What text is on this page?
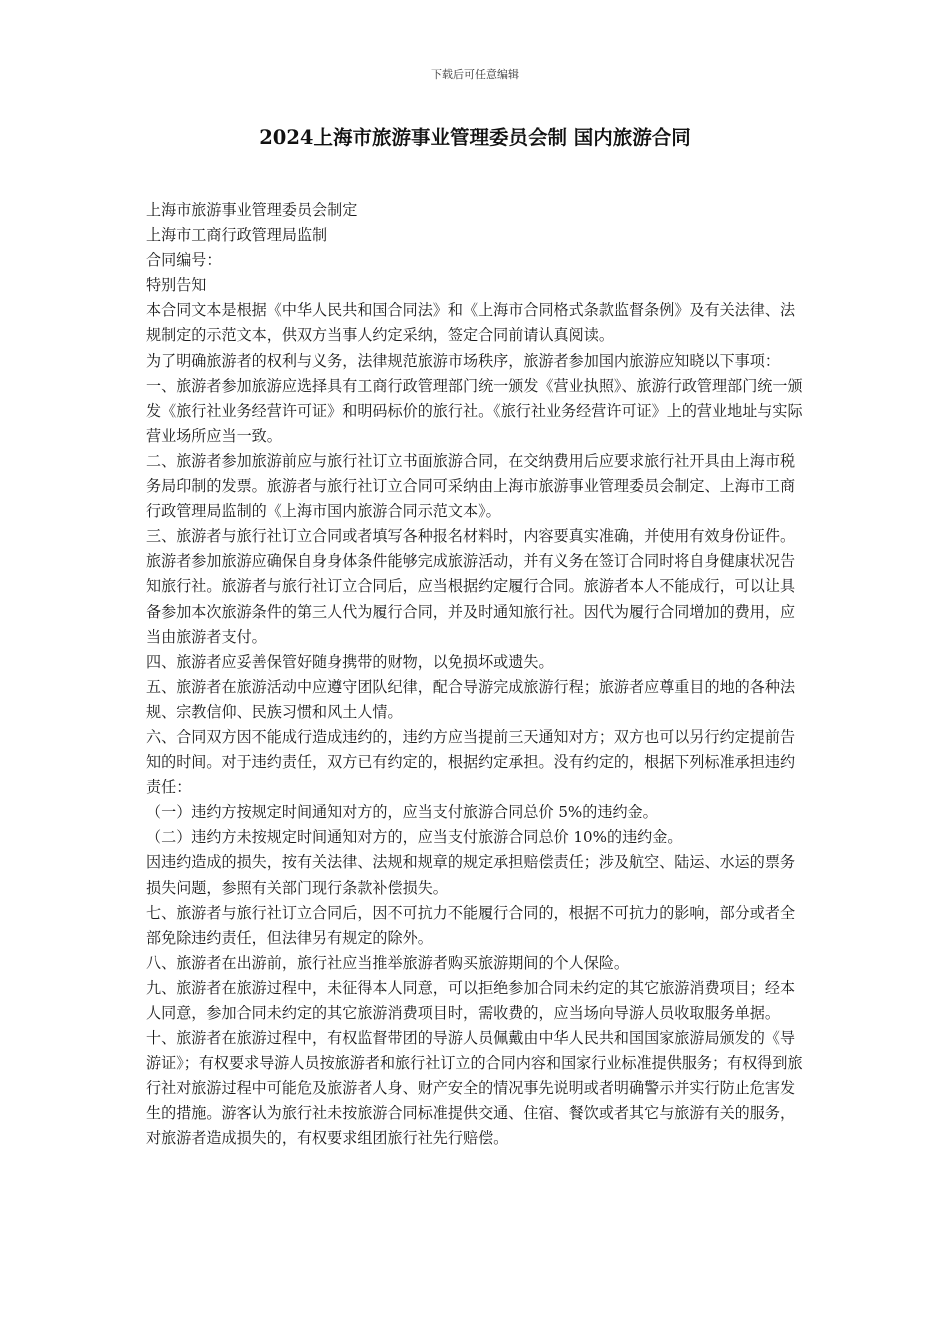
下载后可任意编辑
2024上海市旅游事业管理委员会制 国内旅游合同

上海市旅游事业管理委员会制定

上海市工商行政管理局监制

合同编号：

特别告知

本合同文本是根据《中华人民共和国合同法》和《上海市合同格式条款监督条例》及有关法律、法规制定的示范文本，供双方当事人约定采纳，签定合同前请认真阅读。

为了明确旅游者的权利与义务，法律规范旅游市场秩序，旅游者参加国内旅游应知晓以下事项：

一、旅游者参加旅游应选择具有工商行政管理部门统一颁发《营业执照》、旅游行政管理部门统一颁发《旅行社业务经营许可证》和明码标价的旅行社。《旅行社业务经营许可证》上的营业地址与实际营业场所应当一致。

二、旅游者参加旅游前应与旅行社订立书面旅游合同，在交纳费用后应要求旅行社开具由上海市税务局印制的发票。旅游者与旅行社订立合同可采纳由上海市旅游事业管理委员会制定、上海市工商行政管理局监制的《上海市国内旅游合同示范文本》。

三、旅游者与旅行社订立合同或者填写各种报名材料时，内容要真实准确，并使用有效身份证件。旅游者参加旅游应确保自身身体条件能够完成旅游活动，并有义务在签订合同时将自身健康状况告知旅行社。旅游者与旅行社订立合同后，应当根据约定履行合同。旅游者本人不能成行，可以让具备参加本次旅游条件的第三人代为履行合同，并及时通知旅行社。因代为履行合同增加的费用，应当由旅游者支付。

四、旅游者应妥善保管好随身携带的财物，以免损坏或遗失。

五、旅游者在旅游活动中应遵守团队纪律，配合导游完成旅游行程；旅游者应尊重目的地的各种法规、宗教信仰、民族习惯和风土人情。

六、合同双方因不能成行造成违约的，违约方应当提前三天通知对方；双方也可以另行约定提前告知的时间。对于违约责任，双方已有约定的，根据约定承担。没有约定的，根据下列标准承担违约责任：

（一）违约方按规定时间通知对方的，应当支付旅游合同总价 5%的违约金。

（二）违约方未按规定时间通知对方的，应当支付旅游合同总价 10%的违约金。

因违约造成的损失，按有关法律、法规和规章的规定承担赔偿责任；涉及航空、陆运、水运的票务损失问题，参照有关部门现行条款补偿损失。

七、旅游者与旅行社订立合同后，因不可抗力不能履行合同的，根据不可抗力的影响，部分或者全部免除违约责任，但法律另有规定的除外。

八、旅游者在出游前，旅行社应当推举旅游者购买旅游期间的个人保险。

九、旅游者在旅游过程中，未征得本人同意，可以拒绝参加合同未约定的其它旅游消费项目；经本人同意，参加合同未约定的其它旅游消费项目时，需收费的，应当场向导游人员收取服务单据。

十、旅游者在旅游过程中，有权监督带团的导游人员佩戴由中华人民共和国国家旅游局颁发的《导游证》；有权要求导游人员按旅游者和旅行社订立的合同内容和国家行业标准提供服务；有权得到旅行社对旅游过程中可能危及旅游者人身、财产安全的情况事先说明或者明确警示并实行防止危害发生的措施。游客认为旅行社未按旅游合同标准提供交通、住宿、餐饮或者其它与旅游有关的服务，对旅游者造成损失的，有权要求组团旅行社先行赔偿。
